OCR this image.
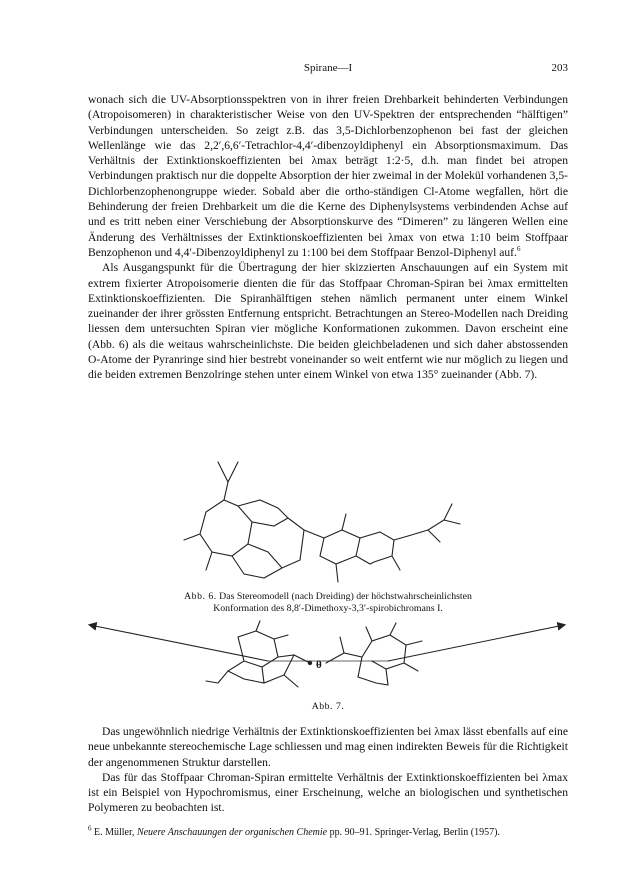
Spirane—I	203

wonach sich die UV-Absorptionsspektren von in ihrer freien Drehbarkeit behinderten Verbindungen (Atropoisomeren) in charakteristischer Weise von den UV-Spektren der entsprechenden “hälftigen” Verbindungen unterscheiden. So zeigt z.B. das 3,5-Dichlorbenzophenon bei fast der gleichen Wellenlänge wie das 2,2′,6,6′-Tetrachlor-4,4′-dibenzoyldiphenyl ein Absorptionsmaximum. Das Verhältnis der Extinktionskoeffizienten bei λmax beträgt 1:2·5, d.h. man findet bei atropen Verbindungen praktisch nur die doppelte Absorption der hier zweimal in der Molekül vorhandenen 3,5-Dichlorbenzophenongruppe wieder. Sobald aber die ortho-ständigen Cl-Atome wegfallen, hört die Behinderung der freien Drehbarkeit um die die Kerne des Diphenylsystems verbindenden Achse auf und es tritt neben einer Verschiebung der Absorptionskurve des “Dimeren” zu längeren Wellen eine Änderung des Verhältnisses der Extinktionskoeffizienten bei λmax von etwa 1:10 beim Stoffpaar Benzophenon und 4,4′-Dibenzoyldiphenyl zu 1:100 bei dem Stoffpaar Benzol-Diphenyl auf.$^6$

Als Ausgangspunkt für die Übertragung der hier skizzierten Anschauungen auf ein System mit extrem fixierter Atropoisomerie dienten die für das Stoffpaar Chroman-Spiran bei λmax ermittelten Extinktionskoeffizienten. Die Spiranhälftigen stehen nämlich permanent unter einem Winkel zueinander der ihrer grössten Entfernung entspricht. Betrachtungen an Stereo-Modellen nach Dreiding liessen dem untersuchten Spiran vier mögliche Konformationen zukommen. Davon erscheint eine (Abb. 6) als die weitaus wahrscheinlichste. Die beiden gleichbeladenen und sich daher abstossenden O-Atome der Pyranringe sind hier bestrebt voneinander so weit entfernt wie nur möglich zu liegen und die beiden extremen Benzolringe stehen unter einem Winkel von etwa 135° zueinander (Abb. 7).

Abb. 6. Das Stereomodell (nach Dreiding) der höchstwahrscheinlichsten
Konformation des 8,8′-Dimethoxy-3,3′-spirobichromans I.
θ
Abb. 7.

Das ungewöhnlich niedrige Verhältnis der Extinktionskoeffizienten bei λmax lässt ebenfalls auf eine neue unbekannte stereochemische Lage schliessen und mag einen indirekten Beweis für die Richtigkeit der angenommenen Struktur darstellen.

Das für das Stoffpaar Chroman-Spiran ermittelte Verhältnis der Extinktionskoeffizienten bei λmax ist ein Beispiel von Hypochromismus, einer Erscheinung, welche an biologischen und synthetischen Polymeren zu beobachten ist.

$^6$ E. Müller, Neuere Anschauungen der organischen Chemie pp. 90–91. Springer-Verlag, Berlin (1957).
